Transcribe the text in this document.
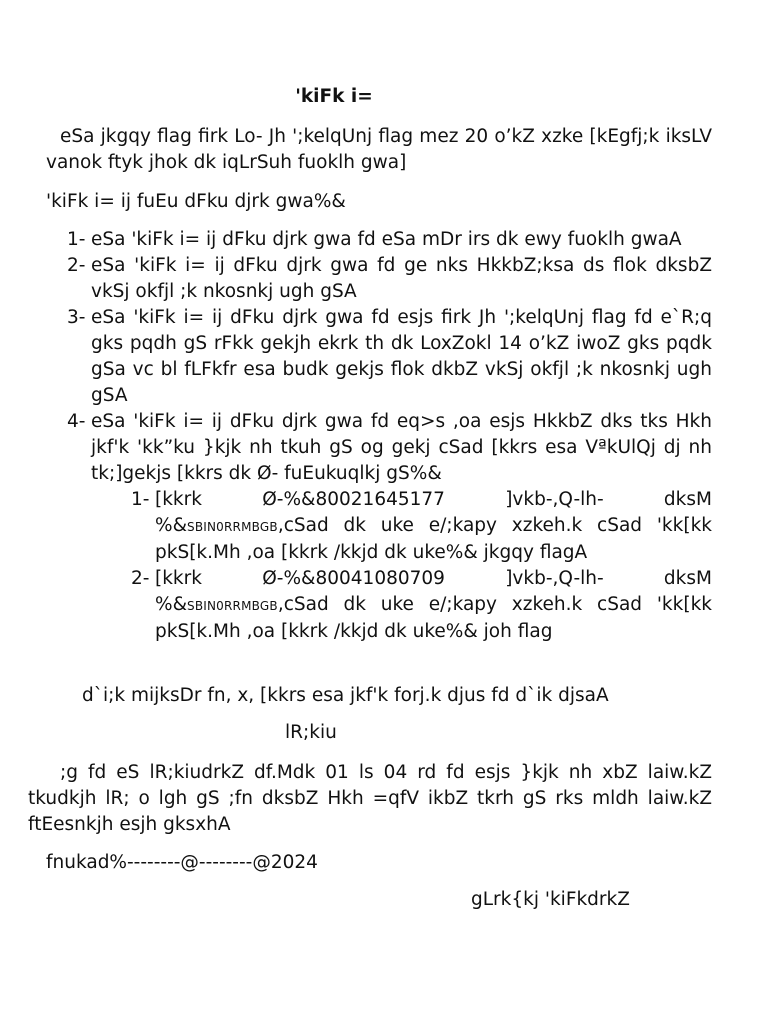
'kiFk i=
eSa jkgqy flag firk Lo- Jh ';kelqUnj flag mez 20 o’kZ xzke [kEgfj;k iksLV vanok ftyk jhok dk iqLrSuh fuoklh gwa]
'kiFk i= ij fuEu dFku djrk gwa%&
1- eSa 'kiFk i= ij dFku djrk gwa fd eSa mDr irs dk ewy fuoklh gwaA
2- eSa 'kiFk i= ij dFku djrk gwa fd ge nks HkkbZ;ksa ds flok dksbZ vkSj okfjl ;k nkosnkj ugh gSA
3- eSa 'kiFk i= ij dFku djrk gwa fd esjs firk Jh ';kelqUnj flag fd e`R;q gks pqdh gS rFkk gekjh ekrk th dk LoxZokl 14 o’kZ iwoZ gks pqdk gSa vc bl fLFkfr esa budk gekjs flok dkbZ vkSj okfjl ;k nkosnkj ugh gSA
4- eSa 'kiFk i= ij dFku djrk gwa fd eq>s ,oa esjs HkkbZ dks tks Hkh jkf'k 'kk”ku }kjk nh tkuh gS og gekj cSad [kkrs esa VªkUlQj dj nh tk;]gekjs [kkrs dk Ø- fuEukuqlkj gS%&
1- [kkrk Ø-%&80021645177 ]vkb-,Q-lh- dksM %&SBIN0RRMBGB,cSad dk uke e/;kapy xzkeh.k cSad 'kk[kk pkS[k.Mh ,oa [kkrk /kkjd dk uke%& jkgqy flagA
2- [kkrk Ø-%&80041080709 ]vkb-,Q-lh- dksM %&SBIN0RRMBGB,cSad dk uke e/;kapy xzkeh.k cSad 'kk[kk pkS[k.Mh ,oa [kkrk /kkjd dk uke%& joh flag
d`i;k mijksDr fn, x, [kkrs esa jkf'k forj.k djus fd d`ik djsaA
lR;kiu
;g fd eS lR;kiudrkZ df.Mdk 01 ls 04 rd fd esjs }kjk nh xbZ laiw.kZ tkudkjh lR; o lgh gS ;fn dksbZ Hkh =qfV ikbZ tkrh gS rks mldh laiw.kZ ftEesnkjh esjh gksxhA
fnukad%--------@--------@2024
gLrk{kj 'kiFkdrkZ
